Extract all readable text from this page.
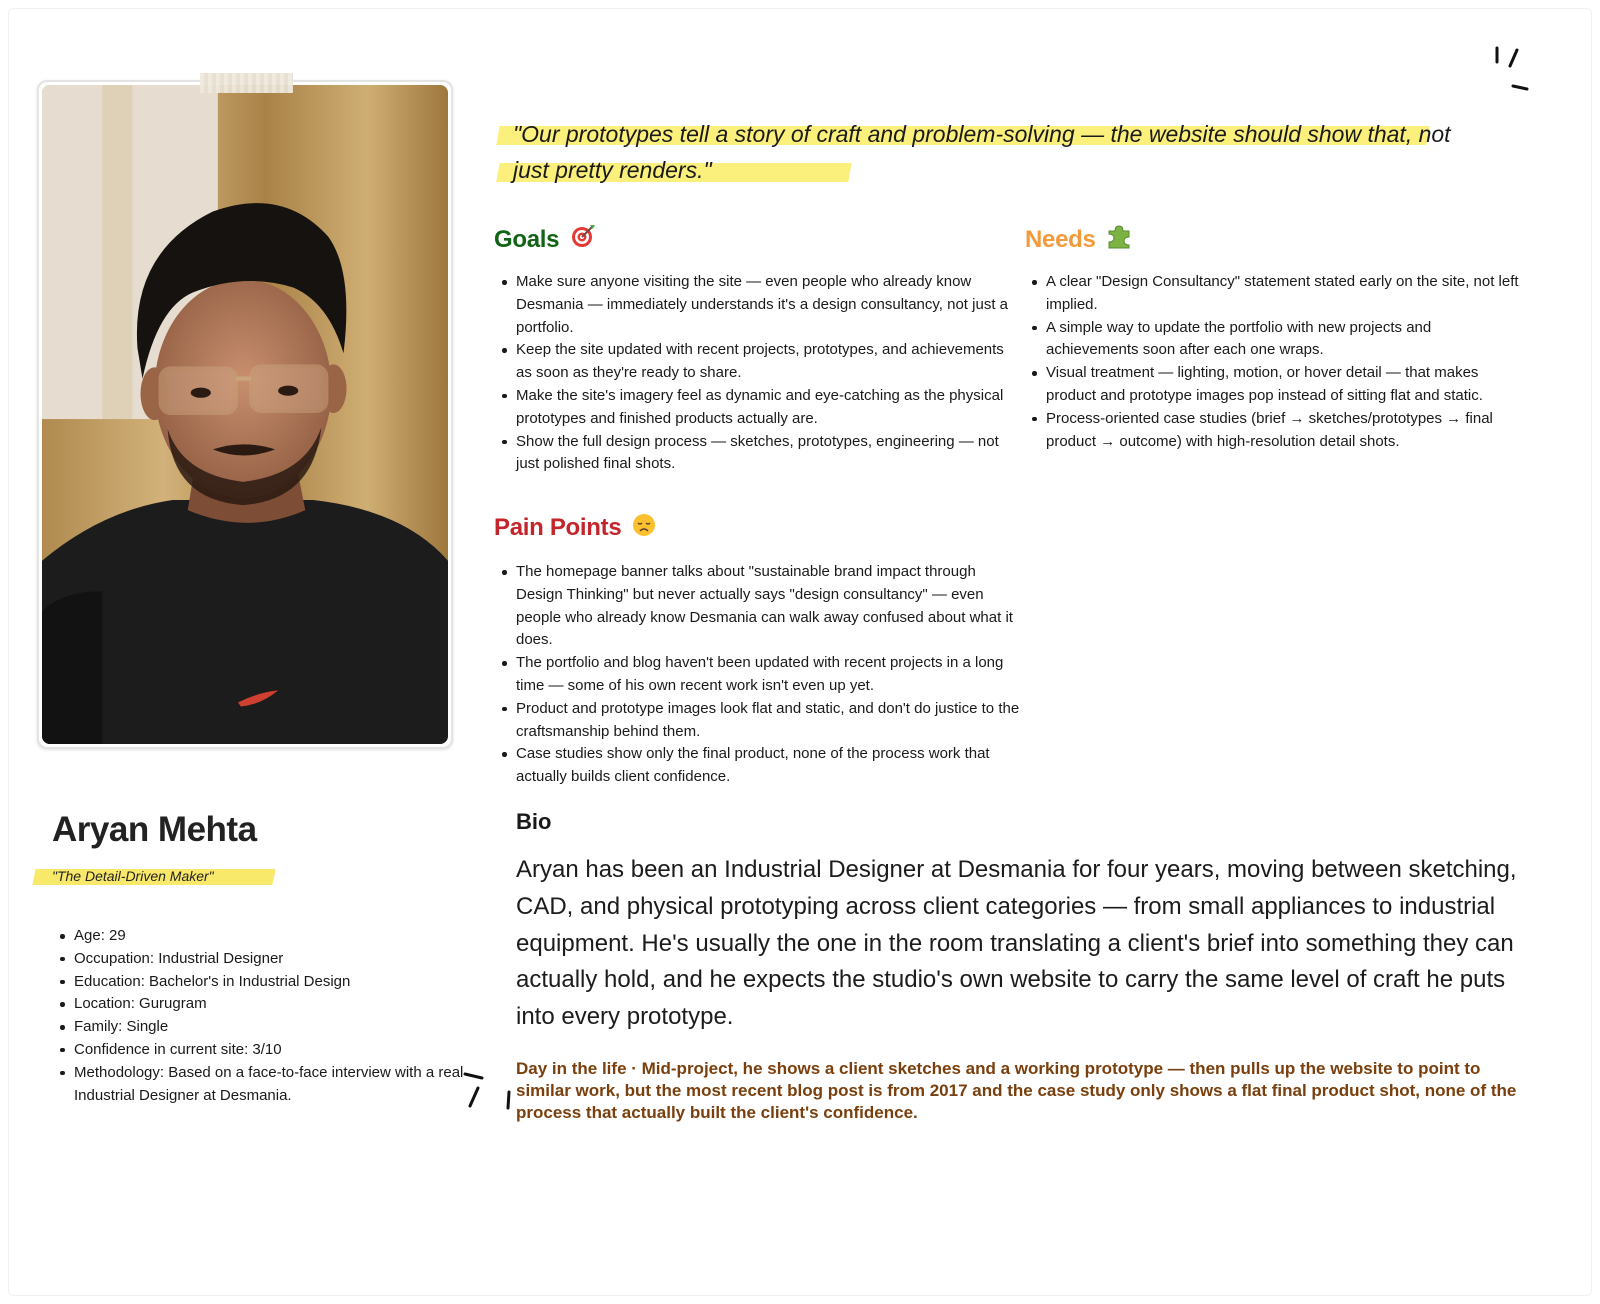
Aryan Mehta
"The Detail-Driven Maker"
Age: 29
Occupation: Industrial Designer
Education: Bachelor's in Industrial Design
Location: Gurugram
Family: Single
Confidence in current site: 3/10
Methodology: Based on a face-to-face interview with a real Industrial Designer at Desmania.
"Our prototypes tell a story of craft and problem-solving — the website should show that, not just pretty renders."
Goals
Make sure anyone visiting the site — even people who already know Desmania — immediately understands it's a design consultancy, not just a portfolio.
Keep the site updated with recent projects, prototypes, and achievements as soon as they're ready to share.
Make the site's imagery feel as dynamic and eye-catching as the physical prototypes and finished products actually are.
Show the full design process — sketches, prototypes, engineering — not just polished final shots.
Needs
A clear "Design Consultancy" statement stated early on the site, not left implied.
A simple way to update the portfolio with new projects and achievements soon after each one wraps.
Visual treatment — lighting, motion, or hover detail — that makes product and prototype images pop instead of sitting flat and static.
Process-oriented case studies (brief → sketches/prototypes → final product → outcome) with high-resolution detail shots.
Pain Points
The homepage banner talks about "sustainable brand impact through Design Thinking" but never actually says "design consultancy" — even people who already know Desmania can walk away confused about what it does.
The portfolio and blog haven't been updated with recent projects in a long time — some of his own recent work isn't even up yet.
Product and prototype images look flat and static, and don't do justice to the craftsmanship behind them.
Case studies show only the final product, none of the process work that actually builds client confidence.
Bio
Aryan has been an Industrial Designer at Desmania for four years, moving between sketching, CAD, and physical prototyping across client categories — from small appliances to industrial equipment. He's usually the one in the room translating a client's brief into something they can actually hold, and he expects the studio's own website to carry the same level of craft he puts into every prototype.
Day in the life · Mid-project, he shows a client sketches and a working prototype — then pulls up the website to point to similar work, but the most recent blog post is from 2017 and the case study only shows a flat final product shot, none of the process that actually built the client's confidence.
